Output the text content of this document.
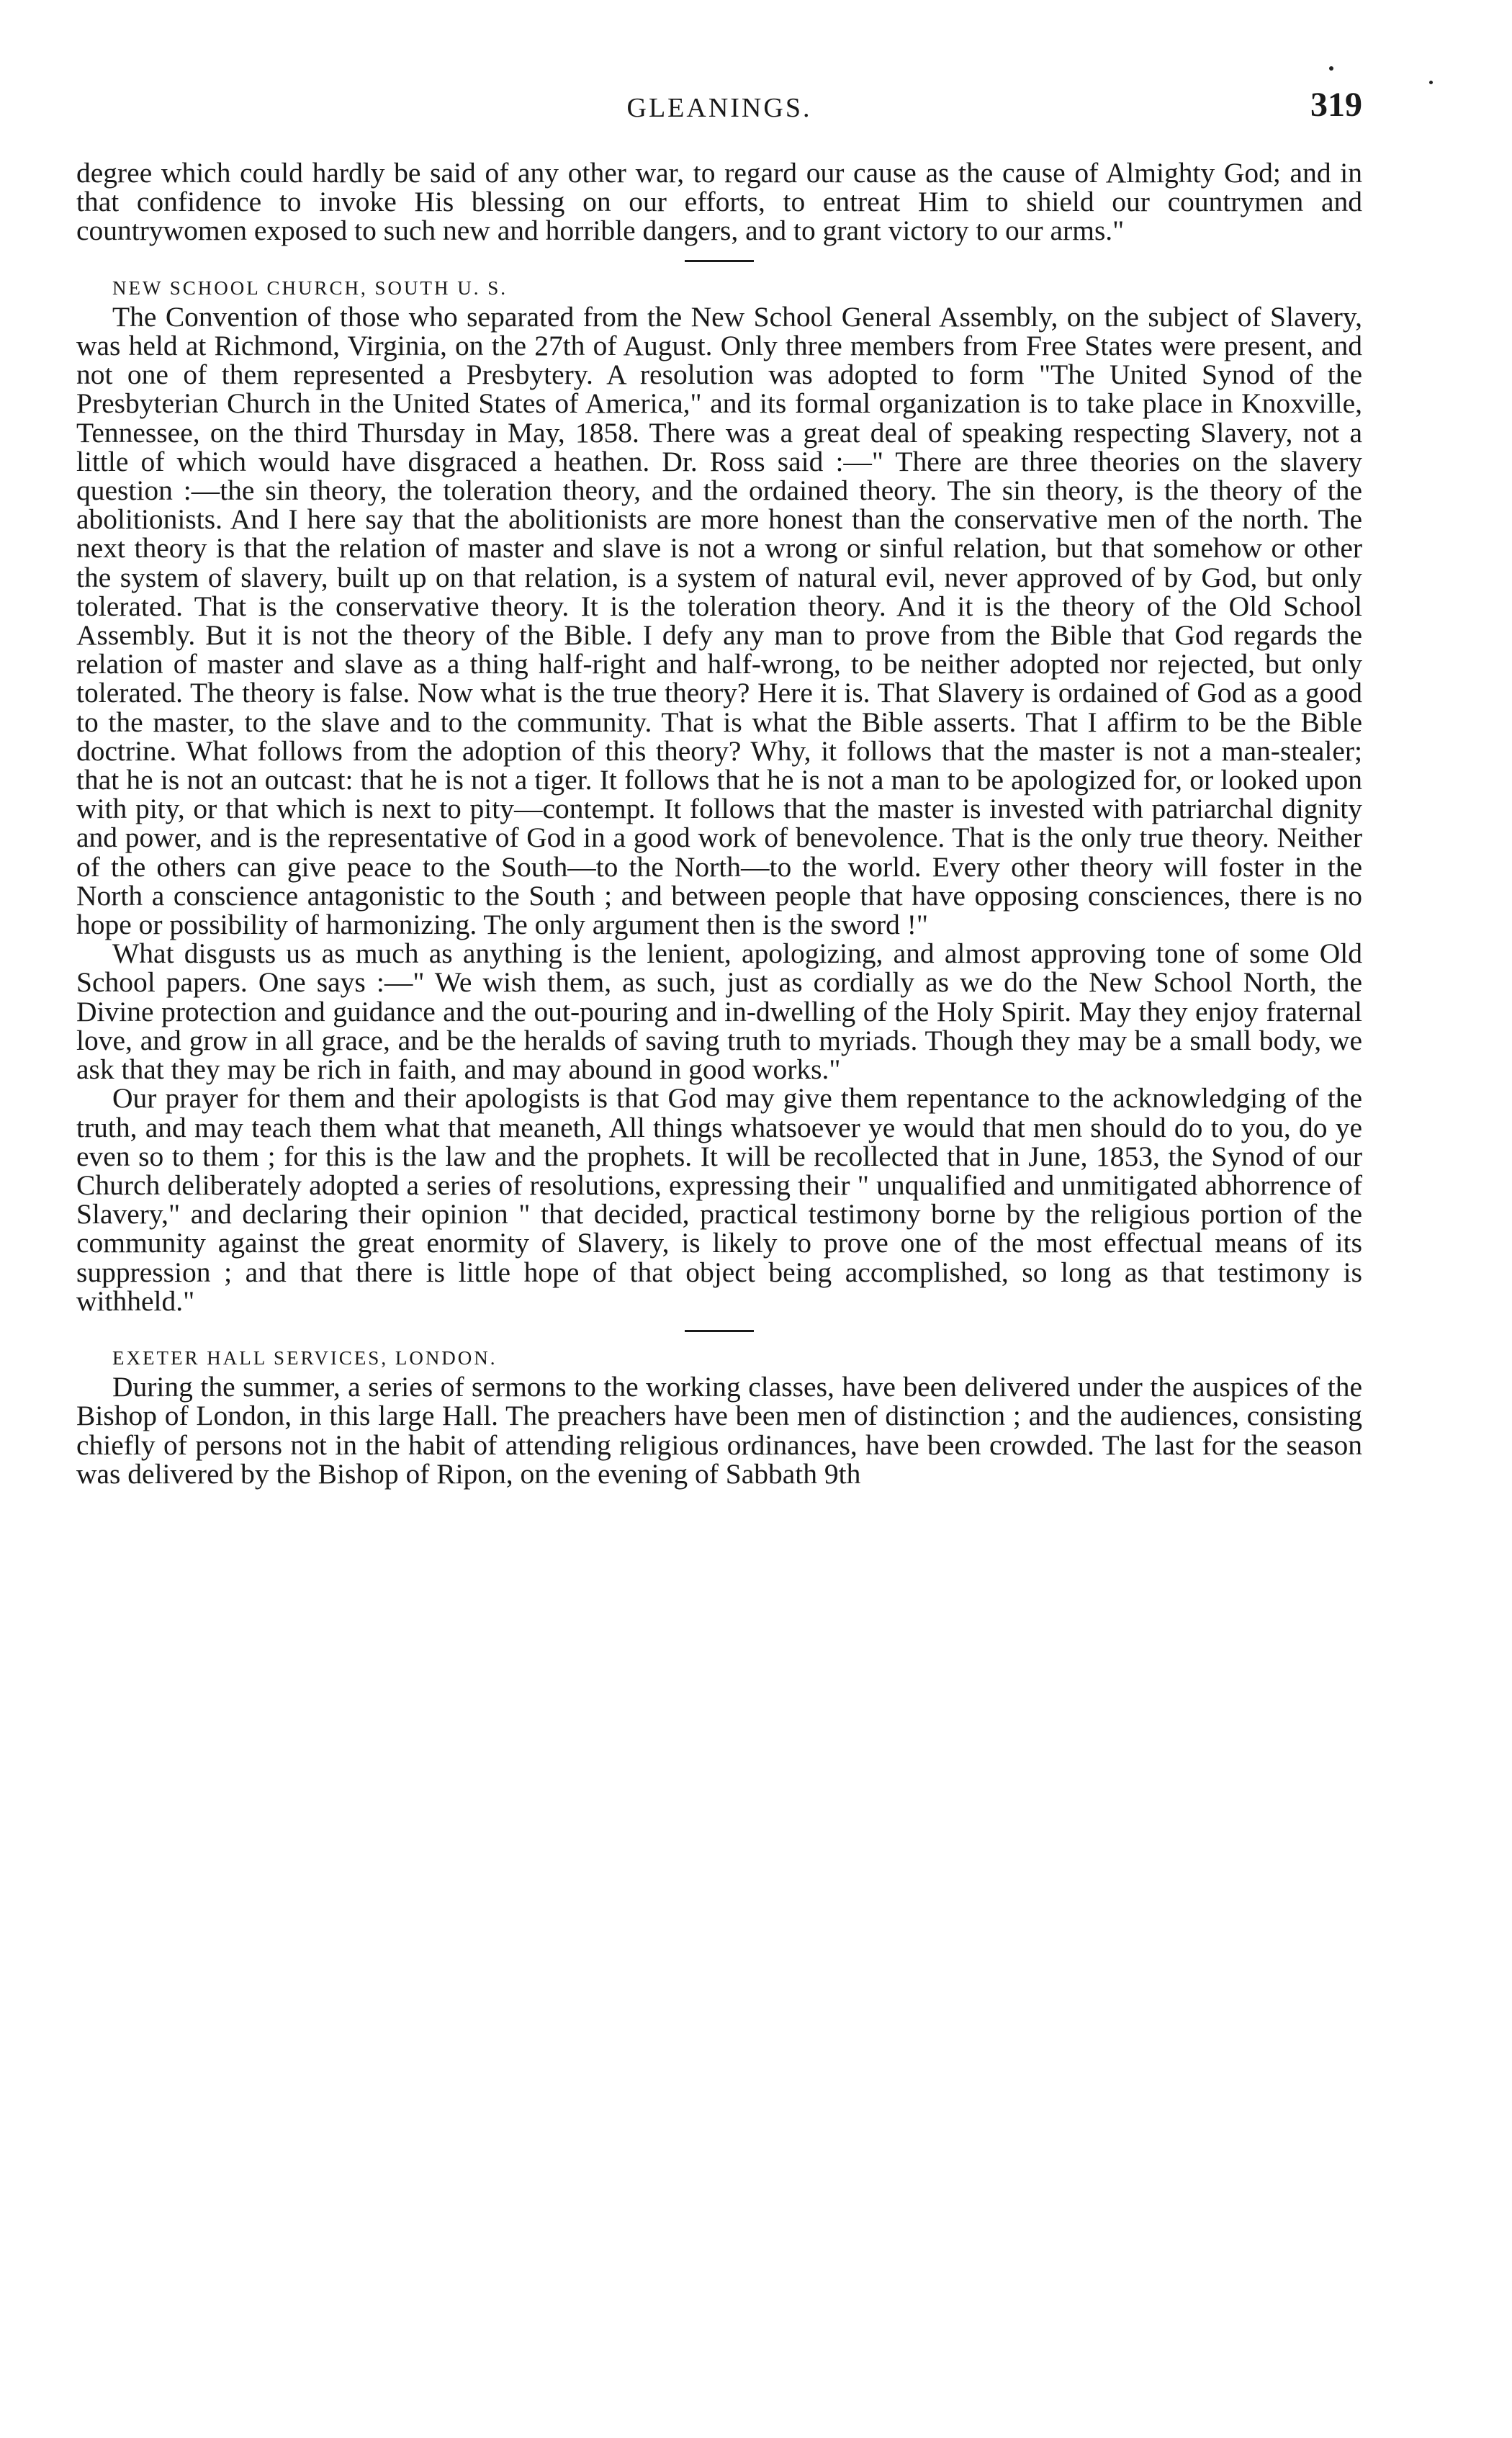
GLEANINGS.	319

degree which could hardly be said of any other war, to regard our cause as the cause of Almighty God; and in that confidence to invoke His blessing on our efforts, to entreat Him to shield our countrymen and countrywomen exposed to such new and horrible dangers, and to grant victory to our arms."

NEW SCHOOL CHURCH, SOUTH U. S.

The Convention of those who separated from the New School General Assembly, on the subject of Slavery, was held at Richmond, Virginia, on the 27th of August. Only three members from Free States were present, and not one of them represented a Presbytery. A resolution was adopted to form "The United Synod of the Presbyterian Church in the United States of America," and its formal organization is to take place in Knoxville, Tennessee, on the third Thursday in May, 1858. There was a great deal of speaking respecting Slavery, not a little of which would have disgraced a heathen. Dr. Ross said :—" There are three theories on the slavery question :—the sin theory, the toleration theory, and the ordained theory. The sin theory, is the theory of the abolitionists. And I here say that the abolitionists are more honest than the conservative men of the north. The next theory is that the relation of master and slave is not a wrong or sinful relation, but that somehow or other the system of slavery, built up on that relation, is a system of natural evil, never approved of by God, but only tolerated. That is the conservative theory. It is the toleration theory. And it is the theory of the Old School Assembly. But it is not the theory of the Bible. I defy any man to prove from the Bible that God regards the relation of master and slave as a thing half-right and half-wrong, to be neither adopted nor rejected, but only tolerated. The theory is false. Now what is the true theory? Here it is. That Slavery is ordained of God as a good to the master, to the slave and to the community. That is what the Bible asserts. That I affirm to be the Bible doctrine. What follows from the adoption of this theory? Why, it follows that the master is not a man-stealer; that he is not an outcast: that he is not a tiger. It follows that he is not a man to be apologized for, or looked upon with pity, or that which is next to pity—contempt. It follows that the master is invested with patriarchal dignity and power, and is the representative of God in a good work of benevolence. That is the only true theory. Neither of the others can give peace to the South—to the North—to the world. Every other theory will foster in the North a conscience antagonistic to the South ; and between people that have opposing consciences, there is no hope or possibility of harmonizing. The only argument then is the sword !"

What disgusts us as much as anything is the lenient, apologizing, and almost approving tone of some Old School papers. One says :—" We wish them, as such, just as cordially as we do the New School North, the Divine protection and guidance and the out-pouring and in-dwelling of the Holy Spirit. May they enjoy fraternal love, and grow in all grace, and be the heralds of saving truth to myriads. Though they may be a small body, we ask that they may be rich in faith, and may abound in good works."

Our prayer for them and their apologists is that God may give them repentance to the acknowledging of the truth, and may teach them what that meaneth, All things whatsoever ye would that men should do to you, do ye even so to them ; for this is the law and the prophets. It will be recollected that in June, 1853, the Synod of our Church deliberately adopted a series of resolutions, expressing their " unqualified and unmitigated abhorrence of Slavery," and declaring their opinion " that decided, practical testimony borne by the religious portion of the community against the great enormity of Slavery, is likely to prove one of the most effectual means of its suppression ; and that there is little hope of that object being accomplished, so long as that testimony is withheld."

EXETER HALL SERVICES, LONDON.

During the summer, a series of sermons to the working classes, have been delivered under the auspices of the Bishop of London, in this large Hall. The preachers have been men of distinction ; and the audiences, consisting chiefly of persons not in the habit of attending religious ordinances, have been crowded. The last for the season was delivered by the Bishop of Ripon, on the evening of Sabbath 9th
